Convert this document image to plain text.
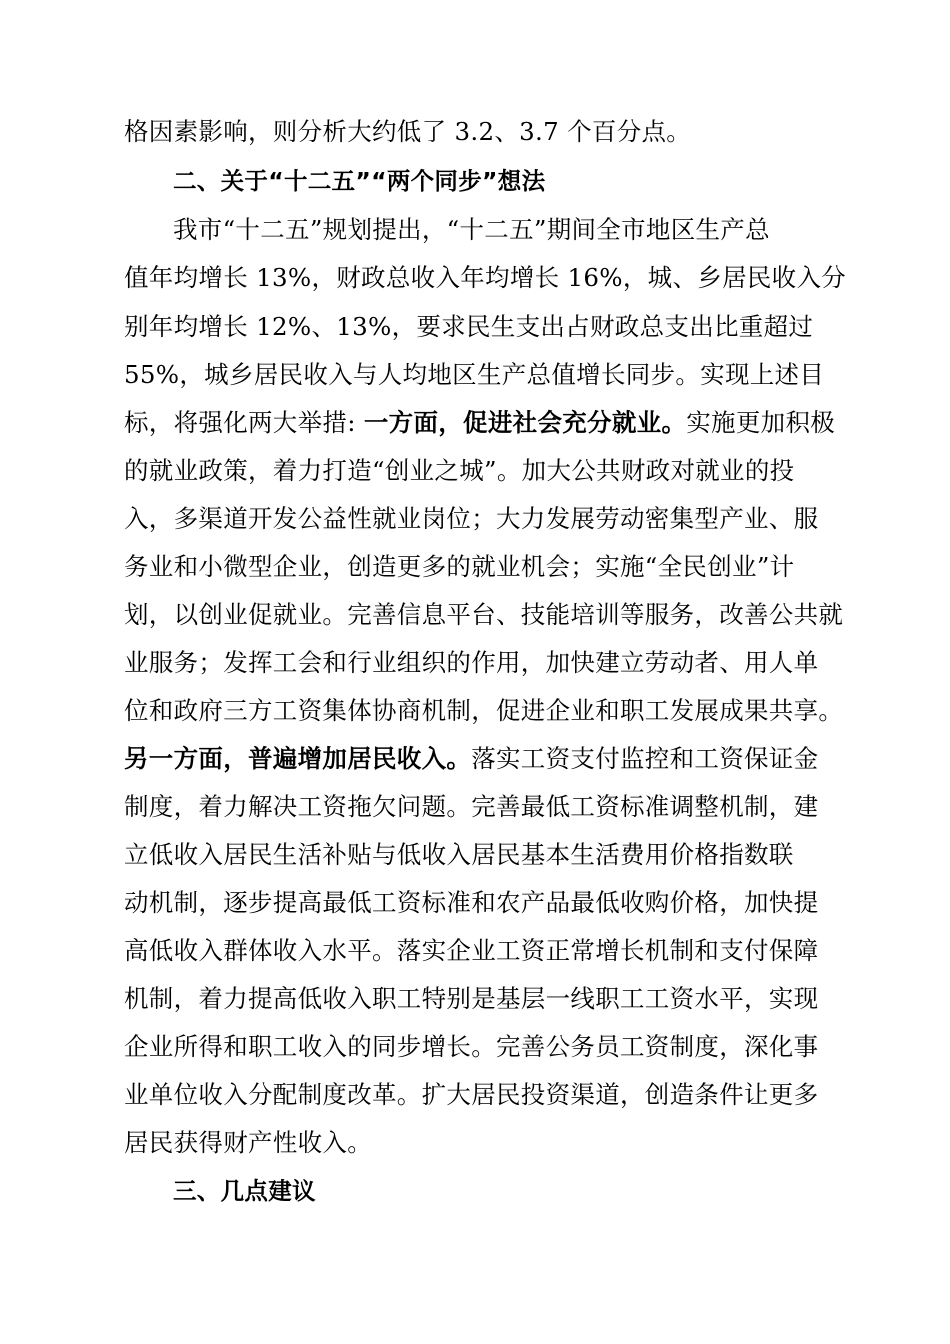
格因素影响，则分析大约低了 3.2、3.7 个百分点。
二、关于“十二五”“两个同步”想法
我市“十二五”规划提出，“十二五”期间全市地区生产总
值年均增长 13%，财政总收入年均增长 16%，城、乡居民收入分
别年均增长 12%、13%，要求民生支出占财政总支出比重超过
55%，城乡居民收入与人均地区生产总值增长同步。实现上述目
标，将强化两大举措: 一方面，促进社会充分就业。实施更加积极
的就业政策，着力打造“创业之城”。加大公共财政对就业的投
入，多渠道开发公益性就业岗位；大力发展劳动密集型产业、服
务业和小微型企业，创造更多的就业机会；实施“全民创业”计
划，以创业促就业。完善信息平台、技能培训等服务，改善公共就
业服务；发挥工会和行业组织的作用，加快建立劳动者、用人单
位和政府三方工资集体协商机制，促进企业和职工发展成果共享。
另一方面，普遍增加居民收入。落实工资支付监控和工资保证金
制度，着力解决工资拖欠问题。完善最低工资标准调整机制，建
立低收入居民生活补贴与低收入居民基本生活费用价格指数联
动机制，逐步提高最低工资标准和农产品最低收购价格，加快提
高低收入群体收入水平。落实企业工资正常增长机制和支付保障
机制，着力提高低收入职工特别是基层一线职工工资水平，实现
企业所得和职工收入的同步增长。完善公务员工资制度，深化事
业单位收入分配制度改革。扩大居民投资渠道，创造条件让更多
居民获得财产性收入。
三、几点建议
